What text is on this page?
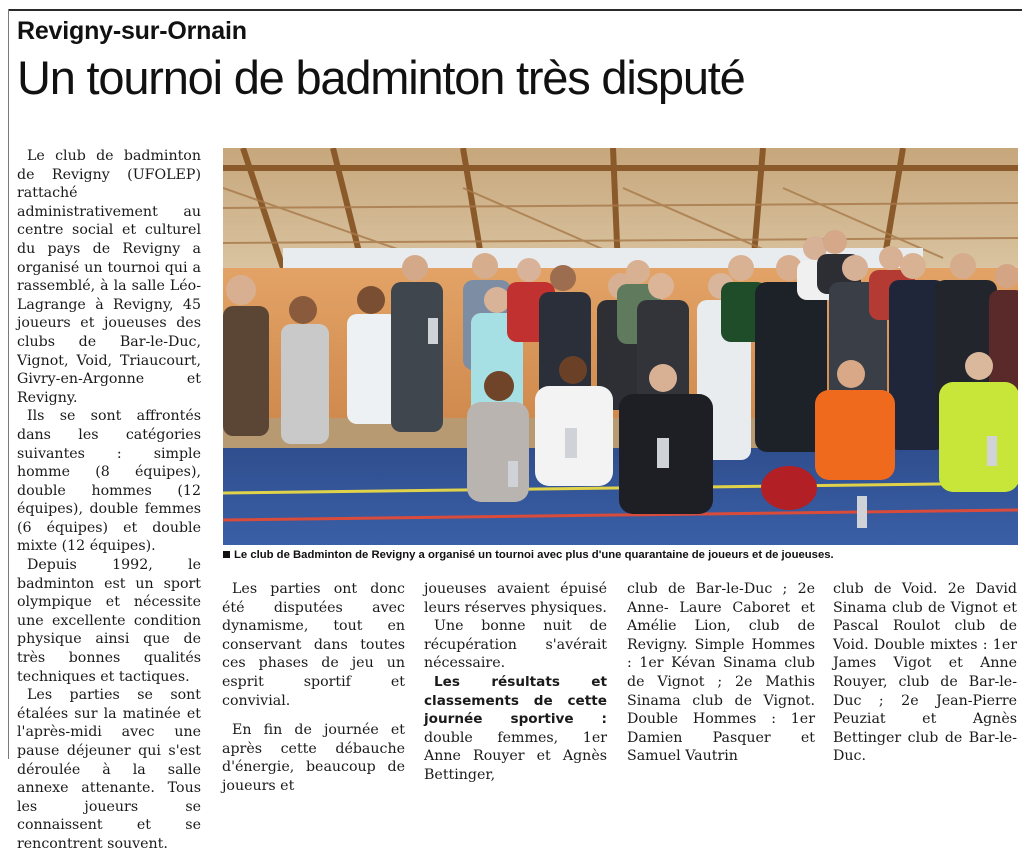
Revigny-sur-Ornain
Un tournoi de badminton très disputé

Le club de badminton de Revigny (UFOLEP) rattaché administrativement au centre social et culturel du pays de Revigny a organisé un tournoi qui a rassemblé, à la salle Léo-Lagrange à Revigny, 45 joueurs et joueuses des clubs de Bar-le-Duc, Vignot, Void, Triaucourt, Givry-en-Argonne et Revigny.

Ils se sont affrontés dans les catégories suivantes : simple homme (8 équipes), double hommes (12 équipes), double femmes (6 équipes) et double mixte (12 équipes).

Depuis 1992, le badminton est un sport olympique et nécessite une excellente condition physique ainsi que de très bonnes qualités techniques et tactiques.

Les parties se sont étalées sur la matinée et l'après-midi avec une pause déjeuner qui s'est déroulée à la salle annexe attenante. Tous les joueurs se connaissent et se rencontrent souvent.

Le club de Badminton de Revigny a organisé un tournoi avec plus d'une quarantaine de joueurs et de joueuses.

Les parties ont donc été disputées avec dynamisme, tout en conservant dans toutes ces phases de jeu un esprit sportif et convivial.

En fin de journée et après cette débauche d'énergie, beaucoup de joueurs et

joueuses avaient épuisé leurs réserves physiques.

Une bonne nuit de récupération s'avérait nécessaire.

Les résultats et classements de cette journée sportive : double femmes, 1er Anne Rouyer et Agnès Bettinger,

club de Bar-le-Duc ; 2e Anne- Laure Caboret et Amélie Lion, club de Revigny. Simple Hommes : 1er Kévan Sinama club de Vignot ; 2e Mathis Sinama club de Vignot. Double Hommes : 1er Damien Pasquer et Samuel Vautrin

club de Void. 2e David Sinama club de Vignot et Pascal Roulot club de Void. Double mixtes : 1er James Vigot et Anne Rouyer, club de Bar-le-Duc ; 2e Jean-Pierre Peuziat et Agnès Bettinger club de Bar-le-Duc.
